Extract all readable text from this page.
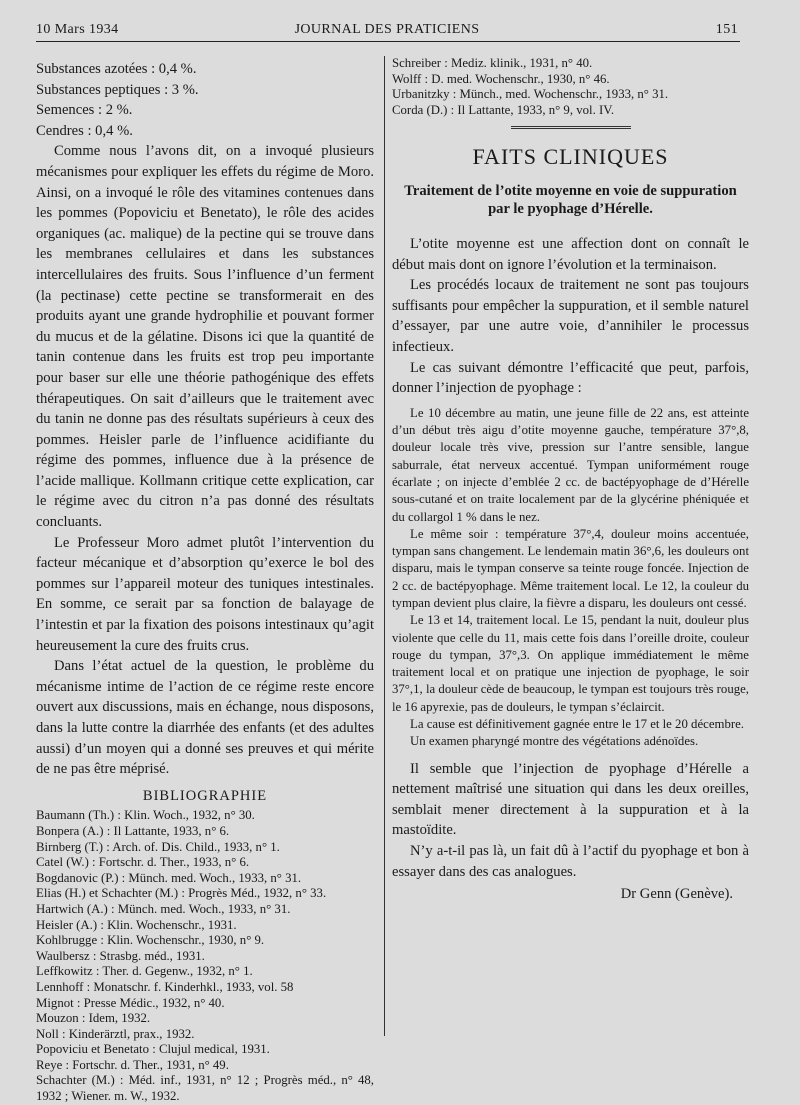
10 Mars 1934	JOURNAL DES PRATICIENS	151

Substances azotées : 0,4 %.

Substances peptiques : 3 %.

Semences : 2 %.

Cendres : 0,4 %.

Comme nous l’avons dit, on a invoqué plusieurs mécanismes pour expliquer les effets du régime de Moro. Ainsi, on a invoqué le rôle des vitamines contenues dans les pommes (Popoviciu et Benetato), le rôle des acides organiques (ac. malique) de la pectine qui se trouve dans les membranes cellulaires et dans les substances intercellulaires des fruits. Sous l’influence d’un ferment (la pectinase) cette pectine se transformerait en des produits ayant une grande hydrophilie et pouvant former du mucus et de la gélatine. Disons ici que la quantité de tanin contenue dans les fruits est trop peu importante pour baser sur elle une théorie pathogénique des effets thérapeutiques. On sait d’ailleurs que le traitement avec du tanin ne donne pas des résultats supérieurs à ceux des pommes. Heisler parle de l’influence acidifiante du régime des pommes, influence due à la présence de l’acide mallique. Kollmann critique cette explication, car le régime avec du citron n’a pas donné des résultats concluants.

Le Professeur Moro admet plutôt l’intervention du facteur mécanique et d’absorption qu’exerce le bol des pommes sur l’appareil moteur des tuniques intestinales. En somme, ce serait par sa fonction de balayage de l’intestin et par la fixation des poisons intestinaux qu’agit heureusement la cure des fruits crus.

Dans l’état actuel de la question, le problème du mécanisme intime de l’action de ce régime reste encore ouvert aux discussions, mais en échange, nous disposons, dans la lutte contre la diarrhée des enfants (et des adultes aussi) d’un moyen qui a donné ses preuves et qui mérite de ne pas être méprisé.

BIBLIOGRAPHIE

Baumann (Th.) : Klin. Woch., 1932, n° 30.

Bonpera (A.) : Il Lattante, 1933, n° 6.

Birnberg (T.) : Arch. of. Dis. Child., 1933, n° 1.

Catel (W.) : Fortschr. d. Ther., 1933, n° 6.

Bogdanovic (P.) : Münch. med. Woch., 1933, n° 31.

Elias (H.) et Schachter (M.) : Progrès Méd., 1932, n° 33.

Hartwich (A.) : Münch. med. Woch., 1933, n° 31.

Heisler (A.) : Klin. Wochenschr., 1931.

Kohlbrugge : Klin. Wochenschr., 1930, n° 9.

Waulbersz : Strasbg. méd., 1931.

Leffkowitz : Ther. d. Gegenw., 1932, n° 1.

Lennhoff : Monatschr. f. Kinderhkl., 1933, vol. 58

Mignot : Presse Médic., 1932, n° 40.

Mouzon : Idem, 1932.

Noll : Kinderärztl, prax., 1932.

Popoviciu et Benetato : Clujul medical, 1931.

Reye : Fortschr. d. Ther., 1931, n° 49.

Schachter (M.) : Méd. inf., 1931, n° 12 ; Progrès méd., n° 48, 1932 ; Wiener. m. W., 1932.

Schreiber : Mediz. klinik., 1931, n° 40.

Wolff : D. med. Wochenschr., 1930, n° 46.

Urbanitzky : Münch., med. Wochenschr., 1933, n° 31.

Corda (D.) : Il Lattante, 1933, n° 9, vol. IV.

FAITS CLINIQUES
Traitement de l’otite moyenne en voie de suppuration par le pyophage d’Hérelle.

L’otite moyenne est une affection dont on connaît le début mais dont on ignore l’évolution et la terminaison.

Les procédés locaux de traitement ne sont pas toujours suffisants pour empêcher la suppuration, et il semble naturel d’essayer, par une autre voie, d’annihiler le processus infectieux.

Le cas suivant démontre l’efficacité que peut, parfois, donner l’injection de pyophage :

Le 10 décembre au matin, une jeune fille de 22 ans, est atteinte d’un début très aigu d’otite moyenne gauche, température 37°,8, douleur locale très vive, pression sur l’antre sensible, langue saburrale, état nerveux accentué. Tympan uniformément rouge écarlate ; on injecte d’emblée 2 cc. de bactépyophage de d’Hérelle sous-cutané et on traite localement par de la glycérine phéniquée et du collargol 1 % dans le nez.

Le même soir : température 37°,4, douleur moins accentuée, tympan sans changement. Le lendemain matin 36°,6, les douleurs ont disparu, mais le tympan conserve sa teinte rouge foncée. Injection de 2 cc. de bactépyophage. Même traitement local. Le 12, la couleur du tympan devient plus claire, la fièvre a disparu, les douleurs ont cessé.

Le 13 et 14, traitement local. Le 15, pendant la nuit, douleur plus violente que celle du 11, mais cette fois dans l’oreille droite, couleur rouge du tympan, 37°,3. On applique immédiatement le même traitement local et on pratique une injection de pyophage, le soir 37°,1, la douleur cède de beaucoup, le tympan est toujours très rouge, le 16 apyrexie, pas de douleurs, le tympan s’éclaircit.

La cause est définitivement gagnée entre le 17 et le 20 décembre.

Un examen pharyngé montre des végétations adénoïdes.

Il semble que l’injection de pyophage d’Hérelle a nettement maîtrisé une situation qui dans les deux oreilles, semblait mener directement à la suppuration et à la mastoïdite.

N’y a-t-il pas là, un fait dû à l’actif du pyophage et bon à essayer dans des cas analogues.

Dr Genn (Genève).
